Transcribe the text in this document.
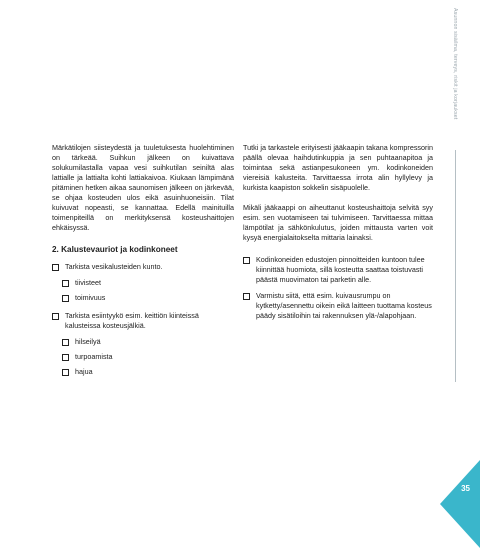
Asunnon sisäilma, terveys, riskit ja korjaukset

Märkätilojen siisteydestä ja tuuletuksesta huolehtiminen on tärkeää. Suihkun jälkeen on kuivattava solukumilastalla vapaa vesi suihkutilan seiniltä alas lattialle ja lattialta kohti lattiakaivoa. Kiukaan lämpimänä pitäminen hetken aikaa saunomisen jälkeen on järkevää, se ohjaa kosteuden ulos eikä asuinhuoneisiin. Tilat kuivuvat nopeasti, se kannattaa. Edellä mainituilla toimenpiteillä on merkityksensä kosteushaittojen ehkäisyssä.

2. Kalustevauriot ja kodinkoneet
Tarkista vesikalusteiden kunto.
tiivisteet
toimivuus
Tarkista esiintyykö esim. keittiön kiinteissä kalusteissa kosteusjälkiä.
hilseilyä
turpoamista
hajua

Tutki ja tarkastele erityisesti jääkaapin takana kompressorin päällä olevaa haihdutinkuppia ja sen puhtaanapitoa ja toimintaa sekä astianpesukoneen ym. kodinkoneiden viereisiä kalusteita. Tarvittaessa irrota alin hyllylevy ja kurkista kaapiston sokkelin sisäpuolelle.

Mikäli jääkaappi on aiheuttanut kosteushaittoja selvitä syy esim. sen vuotamiseen tai tulvimiseen. Tarvittaessa mittaa lämpötilat ja sähkönkulutus, joiden mittausta varten voit kysyä energialaitokselta mittaria lainaksi.

Kodinkoneiden edustojen pinnoitteiden kuntoon tulee kiinnittää huomiota, sillä kosteutta saattaa toistuvasti päästä muovimaton tai parketin alle.
Varmistu siitä, että esim. kuivausrumpu on kytketty/asennettu oikein eikä laitteen tuottama kosteus päädy sisätiloihin tai rakennuksen ylä-/alapohjaan.
35
